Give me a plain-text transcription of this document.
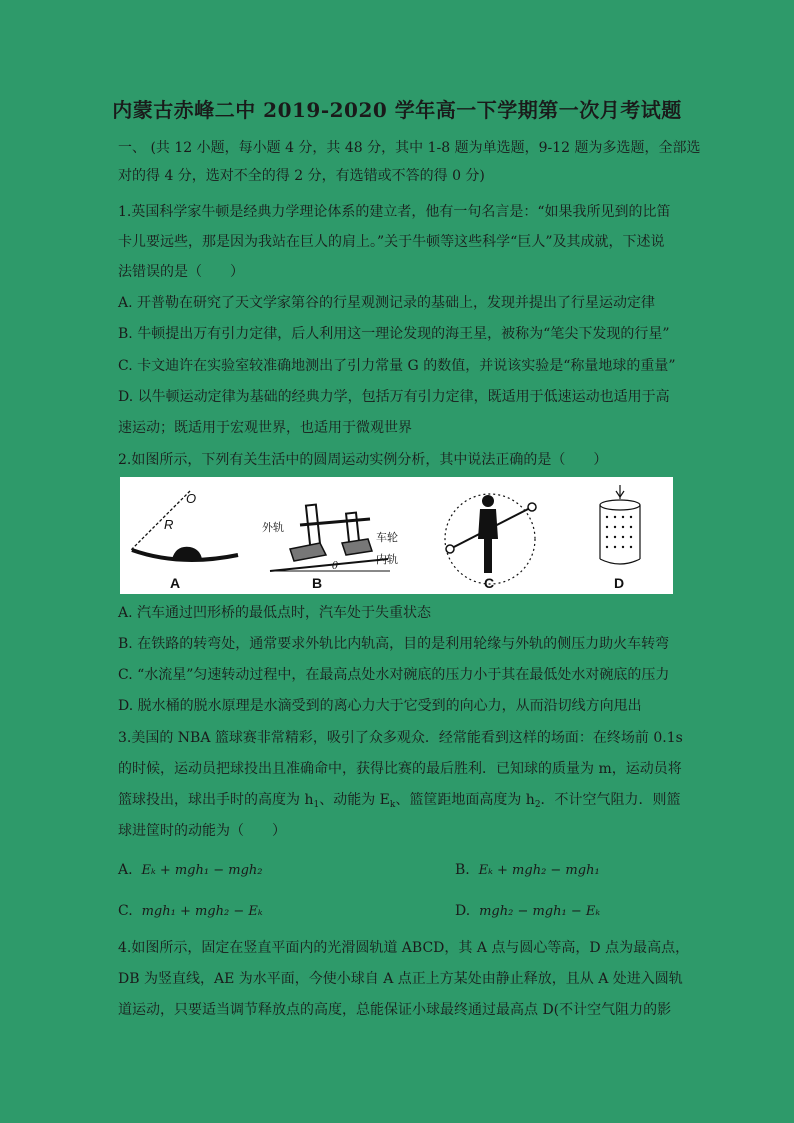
内蒙古赤峰二中 2019-2020 学年高一下学期第一次月考试题
一、 (共 12 小题，每小题 4 分，共 48 分，其中 1-8 题为单选题，9-12 题为多选题，全部选
对的得 4 分，选对不全的得 2 分，有选错或不答的得 0 分)
1.英国科学家牛顿是经典力学理论体系的建立者，他有一句名言是：“如果我所见到的比笛
卡儿要远些，那是因为我站在巨人的肩上。”关于牛顿等这些科学“巨人”及其成就，下述说
法错误的是（　　）
A. 开普勒在研究了天文学家第谷的行星观测记录的基础上，发现并提出了行星运动定律
B. 牛顿提出万有引力定律，后人利用这一理论发现的海王星，被称为“笔尖下发现的行星”
C. 卡文迪许在实验室较准确地测出了引力常量 G 的数值，并说该实验是“称量地球的重量”
D. 以牛顿运动定律为基础的经典力学，包括万有引力定律，既适用于低速运动也适用于高
速运动；既适用于宏观世界，也适用于微观世界
2.如图所示，下列有关生活中的圆周运动实例分析，其中说法正确的是（　　）
O
R
A
外轨
车轮
内轨
θ
B	C	D
A. 汽车通过凹形桥的最低点时，汽车处于失重状态
B. 在铁路的转弯处，通常要求外轨比内轨高，目的是利用轮缘与外轨的侧压力助火车转弯
C. “水流星”匀速转动过程中，在最高点处水对碗底的压力小于其在最低处水对碗底的压力
D. 脱水桶的脱水原理是水滴受到的离心力大于它受到的向心力，从而沿切线方向甩出
3.美国的 NBA 篮球赛非常精彩，吸引了众多观众．经常能看到这样的场面：在终场前 0.1s
的时候，运动员把球投出且准确命中，获得比赛的最后胜利．已知球的质量为 m，运动员将
篮球投出，球出手时的高度为 $h_1$、动能为 $E_k$、篮筐距地面高度为 $h_2$．不计空气阻力．则篮
球进筐时的动能为（　　）
A. Eₖ + mgh₁ − mgh₂	B. Eₖ + mgh₂ − mgh₁
C. mgh₁ + mgh₂ − Eₖ	D. mgh₂ − mgh₁ − Eₖ
4.如图所示，固定在竖直平面内的光滑圆轨道 ABCD，其 A 点与圆心等高，D 点为最高点，
DB 为竖直线，AE 为水平面，今使小球自 A 点正上方某处由静止释放，且从 A 处进入圆轨
道运动，只要适当调节释放点的高度，总能保证小球最终通过最高点 D(不计空气阻力的影
